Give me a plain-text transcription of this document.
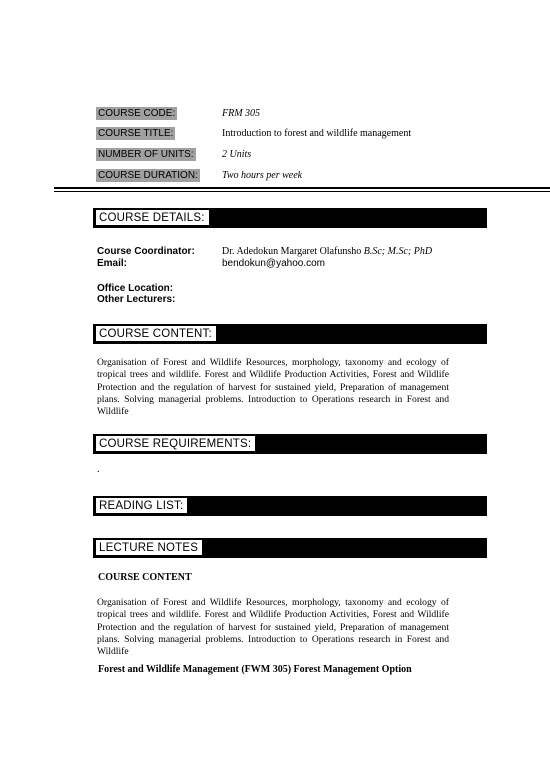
COURSE CODE:	FRM 305
COURSE TITLE:	Introduction to forest and wildlife management
NUMBER OF UNITS:	2 Units
COURSE DURATION: Two hours per week
COURSE DETAILS:
Course Coordinator:	Dr. Adedokun Margaret Olafunsho B.Sc; M.Sc; PhD
Email:	bendokun@yahoo.com
Office Location:
Other Lecturers:
COURSE CONTENT:
Organisation of Forest and Wildlife Resources, morphology, taxonomy and ecology of tropical trees and wildlife. Forest and Wildlife Production Activities, Forest and Wildlife Protection and the regulation of harvest for sustained yield, Preparation of management plans. Solving managerial problems. Introduction to Operations research in Forest and Wildlife
COURSE REQUIREMENTS:
.
READING LIST:
LECTURE NOTES
COURSE CONTENT
Organisation of Forest and Wildlife Resources, morphology, taxonomy and ecology of tropical trees and wildlife. Forest and Wildlife Production Activities, Forest and Wildlife Protection and the regulation of harvest for sustained yield, Preparation of management plans. Solving managerial problems. Introduction to Operations research in Forest and Wildlife
Forest and Wildlife Management (FWM 305) Forest Management Option
